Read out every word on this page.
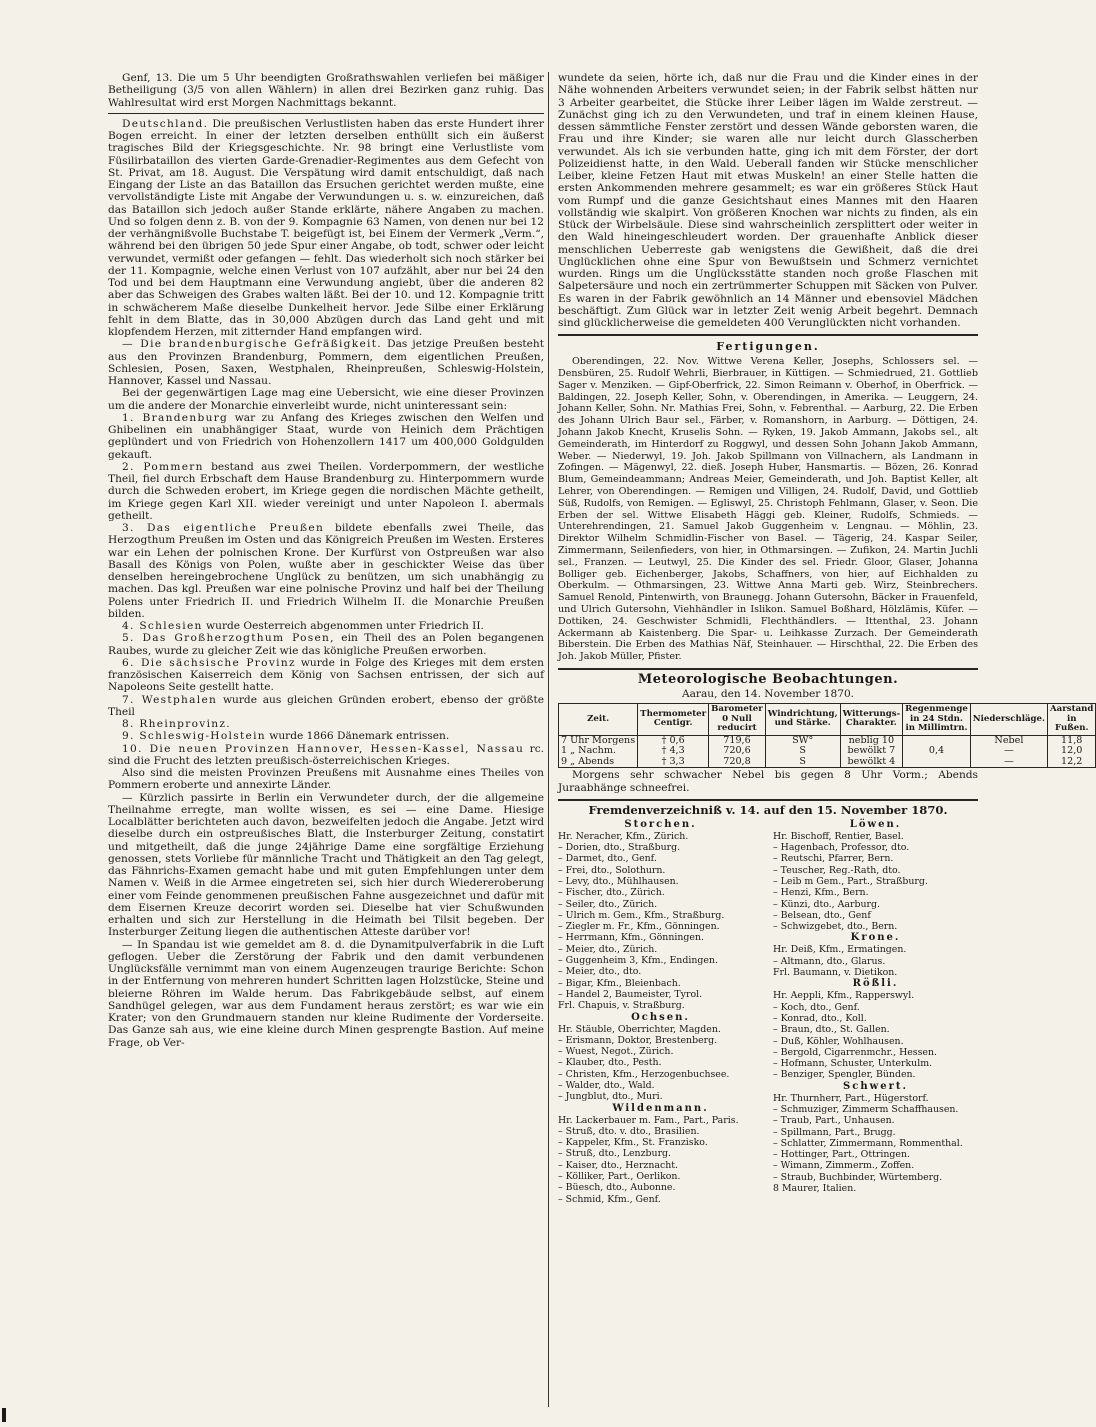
Genf, 13. Die um 5 Uhr beendigten Großrathswahlen verliefen bei mäßiger Betheiligung (3/5 von allen Wählern) in allen drei Bezirken ganz ruhig. Das Wahlresultat wird erst Morgen Nachmittags bekannt.

Deutschland. Die preußischen Verlustlisten haben das erste Hundert ihrer Bogen erreicht. In einer der letzten derselben enthüllt sich ein äußerst tragisches Bild der Kriegsgeschichte. Nr. 98 bringt eine Verlustliste vom Füsilirbataillon des vierten Garde-Grenadier-Regimentes aus dem Gefecht von St. Privat, am 18. August. Die Verspätung wird damit entschuldigt, daß nach Eingang der Liste an das Bataillon das Ersuchen gerichtet werden mußte, eine vervollständigte Liste mit Angabe der Verwundungen u. s. w. einzureichen, daß das Bataillon sich jedoch außer Stande erklärte, nähere Angaben zu machen. Und so folgen denn z. B. von der 9. Kompagnie 63 Namen, von denen nur bei 12 der verhängnißvolle Buchstabe T. beigefügt ist, bei Einem der Vermerk „Verm.“, während bei den übrigen 50 jede Spur einer Angabe, ob todt, schwer oder leicht verwundet, vermißt oder gefangen — fehlt. Das wiederholt sich noch stärker bei der 11. Kompagnie, welche einen Verlust von 107 aufzählt, aber nur bei 24 den Tod und bei dem Hauptmann eine Verwundung angiebt, über die anderen 82 aber das Schweigen des Grabes walten läßt. Bei der 10. und 12. Kompagnie tritt in schwächerem Maße dieselbe Dunkelheit hervor. Jede Silbe einer Erklärung fehlt in dem Blatte, das in 30,000 Abzügen durch das Land geht und mit klopfendem Herzen, mit zitternder Hand empfangen wird.

— Die brandenburgische Gefräßigkeit. Das jetzige Preußen besteht aus den Provinzen Brandenburg, Pommern, dem eigentlichen Preußen, Schlesien, Posen, Saxen, Westphalen, Rheinpreußen, Schleswig-Holstein, Hannover, Kassel und Nassau.

Bei der gegenwärtigen Lage mag eine Uebersicht, wie eine dieser Provinzen um die andere der Monarchie einverleibt wurde, nicht uninteressant sein:

1. Brandenburg war zu Anfang des Krieges zwischen den Welfen und Ghibelinen ein unabhängiger Staat, wurde von Heinich dem Prächtigen geplündert und von Friedrich von Hohenzollern 1417 um 400,000 Goldgulden gekauft.

2. Pommern bestand aus zwei Theilen. Vorderpommern, der westliche Theil, fiel durch Erbschaft dem Hause Brandenburg zu. Hinterpommern wurde durch die Schweden erobert, im Kriege gegen die nordischen Mächte getheilt, im Kriege gegen Karl XII. wieder vereinigt und unter Napoleon I. abermals getheilt.

3. Das eigentliche Preußen bildete ebenfalls zwei Theile, das Herzogthum Preußen im Osten und das Königreich Preußen im Westen. Ersteres war ein Lehen der polnischen Krone. Der Kurfürst von Ostpreußen war also Basall des Königs von Polen, wußte aber in geschickter Weise das über denselben hereingebrochene Unglück zu benützen, um sich unabhängig zu machen. Das kgl. Preußen war eine polnische Provinz und half bei der Theilung Polens unter Friedrich II. und Friedrich Wilhelm II. die Monarchie Preußen bilden.

4. Schlesien wurde Oesterreich abgenommen unter Friedrich II.

5. Das Großherzogthum Posen, ein Theil des an Polen begangenen Raubes, wurde zu gleicher Zeit wie das königliche Preußen erworben.

6. Die sächsische Provinz wurde in Folge des Krieges mit dem ersten französischen Kaiserreich dem König von Sachsen entrissen, der sich auf Napoleons Seite gestellt hatte.

7. Westphalen wurde aus gleichen Gründen erobert, ebenso der größte Theil

8. Rheinprovinz.

9. Schleswig-Holstein wurde 1866 Dänemark entrissen.

10. Die neuen Provinzen Hannover, Hessen-Kassel, Nassau rc. sind die Frucht des letzten preußisch-österreichischen Krieges.

Also sind die meisten Provinzen Preußens mit Ausnahme eines Theiles von Pommern eroberte und annexirte Länder.

— Kürzlich passirte in Berlin ein Verwundeter durch, der die allgemeine Theilnahme erregte, man wollte wissen, es sei — eine Dame. Hiesige Localblätter berichteten auch davon, bezweifelten jedoch die Angabe. Jetzt wird dieselbe durch ein ostpreußisches Blatt, die Insterburger Zeitung, constatirt und mitgetheilt, daß die junge 24jährige Dame eine sorgfältige Erziehung genossen, stets Vorliebe für männliche Tracht und Thätigkeit an den Tag gelegt, das Fähnrichs-Examen gemacht habe und mit guten Empfehlungen unter dem Namen v. Weiß in die Armee eingetreten sei, sich hier durch Wiedereroberung einer vom Feinde genommenen preußischen Fahne ausgezeichnet und dafür mit dem Eisernen Kreuze decorirt worden sei. Dieselbe hat vier Schußwunden erhalten und sich zur Herstellung in die Heimath bei Tilsit begeben. Der Insterburger Zeitung liegen die authentischen Atteste darüber vor!

— In Spandau ist wie gemeldet am 8. d. die Dynamitpulverfabrik in die Luft geflogen. Ueber die Zerstörung der Fabrik und den damit verbundenen Unglücksfälle vernimmt man von einem Augenzeugen traurige Berichte: Schon in der Entfernung von mehreren hundert Schritten lagen Holzstücke, Steine und bleierne Röhren im Walde herum. Das Fabrikgebäude selbst, auf einem Sandhügel gelegen, war aus dem Fundament heraus zerstört; es war wie ein Krater; von den Grundmauern standen nur kleine Rudimente der Vorderseite. Das Ganze sah aus, wie eine kleine durch Minen gesprengte Bastion. Auf meine Frage, ob Ver-

wundete da seien, hörte ich, daß nur die Frau und die Kinder eines in der Nähe wohnenden Arbeiters verwundet seien; in der Fabrik selbst hätten nur 3 Arbeiter gearbeitet, die Stücke ihrer Leiber lägen im Walde zerstreut. — Zunächst ging ich zu den Verwundeten, und traf in einem kleinen Hause, dessen sämmtliche Fenster zerstört und dessen Wände geborsten waren, die Frau und ihre Kinder; sie waren alle nur leicht durch Glasscherben verwundet. Als ich sie verbunden hatte, ging ich mit dem Förster, der dort Polizeidienst hatte, in den Wald. Ueberall fanden wir Stücke menschlicher Leiber, kleine Fetzen Haut mit etwas Muskeln! an einer Stelle hatten die ersten Ankommenden mehrere gesammelt; es war ein größeres Stück Haut vom Rumpf und die ganze Gesichtshaut eines Mannes mit den Haaren vollständig wie skalpirt. Von größeren Knochen war nichts zu finden, als ein Stück der Wirbelsäule. Diese sind wahrscheinlich zersplittert oder weiter in den Wald hineingeschleudert worden. Der grauenhafte Anblick dieser menschlichen Ueberreste gab wenigstens die Gewißheit, daß die drei Unglücklichen ohne eine Spur von Bewußtsein und Schmerz vernichtet wurden. Rings um die Unglücksstätte standen noch große Flaschen mit Salpetersäure und noch ein zertrümmerter Schuppen mit Säcken von Pulver. Es waren in der Fabrik gewöhnlich an 14 Männer und ebensoviel Mädchen beschäftigt. Zum Glück war in letzter Zeit wenig Arbeit begehrt. Demnach sind glücklicherweise die gemeldeten 400 Verunglückten nicht vorhanden.

Fertigungen.

Oberendingen, 22. Nov. Wittwe Verena Keller, Josephs, Schlossers sel. — Densbüren, 25. Rudolf Wehrli, Bierbrauer, in Küttigen. — Schmiedrued, 21. Gottlieb Sager v. Menziken. — Gipf-Oberfrick, 22. Simon Reimann v. Oberhof, in Oberfrick. — Baldingen, 22. Joseph Keller, Sohn, v. Oberendingen, in Amerika. — Leuggern, 24. Johann Keller, Sohn. Nr. Mathias Frei, Sohn, v. Febrenthal. — Aarburg, 22. Die Erben des Johann Ulrich Baur sel., Färber, v. Romanshorn, in Aarburg. — Döttigen, 24. Johann Jakob Knecht, Kruselis Sohn. — Ryken, 19. Jakob Ammann, Jakobs sel., alt Gemeinderath, im Hinterdorf zu Roggwyl, und dessen Sohn Johann Jakob Ammann, Weber. — Niederwyl, 19. Joh. Jakob Spillmann von Villnachern, als Landmann in Zofingen. — Mägenwyl, 22. dieß. Joseph Huber, Hansmartis. — Bözen, 26. Konrad Blum, Gemeindeammann; Andreas Meier, Gemeinderath, und Joh. Baptist Keller, alt Lehrer, von Oberendingen. — Remigen und Villigen, 24. Rudolf, David, und Gottlieb Süß, Rudolfs, von Remigen. — Egliswyl, 25. Christoph Fehlmann, Glaser, v. Seon. Die Erben der sel. Wittwe Elisabeth Häggi geb. Kleiner, Rudolfs, Schmieds. — Unterehrendingen, 21. Samuel Jakob Guggenheim v. Lengnau. — Möhlin, 23. Direktor Wilhelm Schmidlin-Fischer von Basel. — Tägerig, 24. Kaspar Seiler, Zimmermann, Seilenfieders, von hier, in Othmarsingen. — Zufikon, 24. Martin Juchli sel., Franzen. — Leutwyl, 25. Die Kinder des sel. Friedr. Gloor, Glaser, Johanna Bolliger geb. Eichenberger, Jakobs, Schaffners, von hier, auf Eichhalden zu Oberkulm. — Othmarsingen, 23. Wittwe Anna Marti geb. Wirz, Steinbrechers. Samuel Renold, Pintenwirth, von Braunegg. Johann Gutersohn, Bäcker in Frauenfeld, und Ulrich Gutersohn, Viehhändler in Islikon. Samuel Boßhard, Hölzlämis, Küfer. — Dottiken, 24. Geschwister Schmidli, Flechthändlers. — Ittenthal, 23. Johann Ackermann ab Kaistenberg. Die Spar- u. Leihkasse Zurzach. Der Gemeinderath Biberstein. Die Erben des Mathias Näf, Steinhauer. — Hirschthal, 22. Die Erben des Joh. Jakob Müller, Pfister.

Meteorologische Beobachtungen.
Aarau, den 14. November 1870.
Zeit.	Thermometer Centigr.	Barometer 0 Null reducirt	Windrichtung, und Stärke.	Witterungs-Charakter.	Regenmenge in 24 Stdn. in Millimtrn.	Niederschläge.	Aarstand in Fußen.
7 Uhr Morgens	† 0,6	719,6	SW°	neblig 10		Nebel	11,8
1 „ Nachm.	† 4,3	720,6	S	bewölkt 7	0,4	—	12,0
9 „ Abends	† 3,3	720,8	S	bewölkt 4		—	12,2

Morgens sehr schwacher Nebel bis gegen 8 Uhr Vorm.; Abends Juraabhänge schneefrei.

Fremdenverzeichniß v. 14. auf den 15. November 1870.
Storchen.
Hr. Neracher, Kfm., Zürich.
– Dorien, dto., Straßburg.
– Darmet, dto., Genf.
– Frei, dto., Solothurn.
– Levy, dto., Mühlhausen.
– Fischer, dto., Zürich.
– Seiler, dto., Zürich.
– Ulrich m. Gem., Kfm., Straßburg.
– Ziegler m. Fr., Kfm., Gönningen.
– Herrmann, Kfm., Gönningen.
– Meier, dto., Zürich.
– Guggenheim 3, Kfm., Endingen.
– Meier, dto., dto.
– Bigar, Kfm., Bleienbach.
– Handel 2, Baumeister, Tyrol.
Frl. Chapuis, v. Straßburg.
Ochsen.
Hr. Stäuble, Oberrichter, Magden.
– Erismann, Doktor, Brestenberg.
– Wuest, Negot., Zürich.
– Klauber, dto., Pesth.
– Christen, Kfm., Herzogenbuchsee.
– Walder, dto., Wald.
– Jungblut, dto., Muri.
Wildenmann.
Hr. Lackerbauer m. Fam., Part., Paris.
– Struß, dto. v. dto., Brasilien.
– Kappeler, Kfm., St. Franzisko.
– Struß, dto., Lenzburg.
– Kaiser, dto., Herznacht.
– Kölliker, Part., Oerlikon.
– Büesch, dto., Aubonne.
– Schmid, Kfm., Genf.
Löwen.
Hr. Bischoff, Rentier, Basel.
– Hagenbach, Professor, dto.
– Reutschi, Pfarrer, Bern.
– Teuscher, Reg.-Rath, dto.
– Leib m Gem., Part., Straßburg.
– Henzi, Kfm., Bern.
– Künzi, dto., Aarburg.
– Belsean, dto., Genf
– Schwizgebet, dto., Bern.
Krone.
Hr. Deiß, Kfm., Ermatingen.
– Altmann, dto., Glarus.
Frl. Baumann, v. Dietikon.
Rößli.
Hr. Aeppli, Kfm., Rapperswyl.
– Koch, dto., Genf.
– Konrad, dto., Koll.
– Braun, dto., St. Gallen.
– Duß, Köhler, Wohlhausen.
– Bergold, Cigarrenmchr., Hessen.
– Hofmann, Schuster, Unterkulm.
– Benziger, Spengler, Bünden.
Schwert.
Hr. Thurnherr, Part., Hügerstorf.
– Schmuziger, Zimmerm Schaffhausen.
– Traub, Part., Unhausen.
– Spillmann, Part., Brugg.
– Schlatter, Zimmermann, Rommenthal.
– Hottinger, Part., Ottringen.
– Wimann, Zimmerm., Zoffen.
– Straub, Buchbinder, Würtemberg.
8 Maurer, Italien.
